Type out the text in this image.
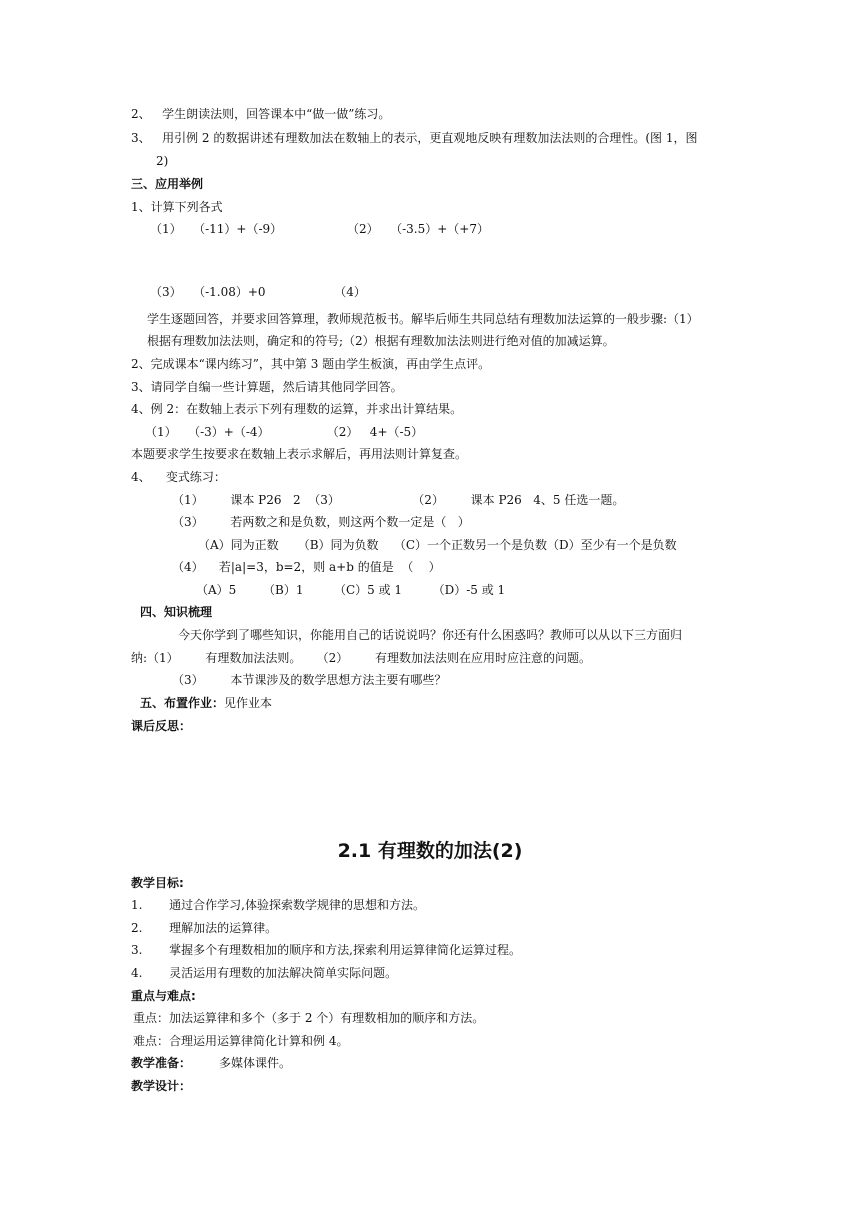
2、   学生朗读法则，回答课本中“做一做”练习。
3、   用引例 2 的数据讲述有理数加法在数轴上的表示，更直观地反映有理数加法法则的合理性。(图 1，图
2)
三、应用举例
1、计算下列各式
（1）   （-11）+（-9）                 （2）   （-3.5）+（+7）
（3）   （-1.08）+0                  （4）
学生逐题回答，并要求回答算理，教师规范板书。解毕后师生共同总结有理数加法运算的一般步骤:（1）
根据有理数加法法则，确定和的符号;（2）根据有理数加法法则进行绝对值的加减运算。
2、完成课本“课内练习”，其中第 3 题由学生板演，再由学生点评。
3、请同学自编一些计算题，然后请其他同学回答。
4、例 2：在数轴上表示下列有理数的运算，并求出计算结果。
（1）   （-3）+（-4）               （2）   4+（-5）
本题要求学生按要求在数轴上表示求解后，再用法则计算复查。
4、    变式练习：
（1）       课本 P26   2  （3）                   （2）       课本 P26   4、5 任选一题。
（3）       若两数之和是负数，则这两个数一定是（   ）
（A）同为正数     （B）同为负数    （C）一个正数另一个是负数（D）至少有一个是负数
（4）    若|a|=3，b=2，则 a+b 的值是  （    ）
（A）5       （B）1        （C）5 或 1        （D）-5 或 1
四、知识梳理
今天你学到了哪些知识，你能用自己的话说说吗？你还有什么困惑吗？教师可以从以下三方面归
纳:（1）       有理数加法法则。    （2）       有理数加法法则在应用时应注意的问题。
（3）       本节课涉及的数学思想方法主要有哪些？
五、布置作业：见作业本
课后反思：
2.1 有理数的加法(2)
教学目标:
1.       通过合作学习,体验探索数学规律的思想和方法。
2.       理解加法的运算律。
3.       掌握多个有理数相加的顺序和方法,探索利用运算律简化运算过程。
4.       灵活运用有理数的加法解决简单实际问题。
重点与难点:
重点：加法运算律和多个（多于 2 个）有理数相加的顺序和方法。
难点：合理运用运算律简化计算和例 4。
教学准备： 多媒体课件。
教学设计：
